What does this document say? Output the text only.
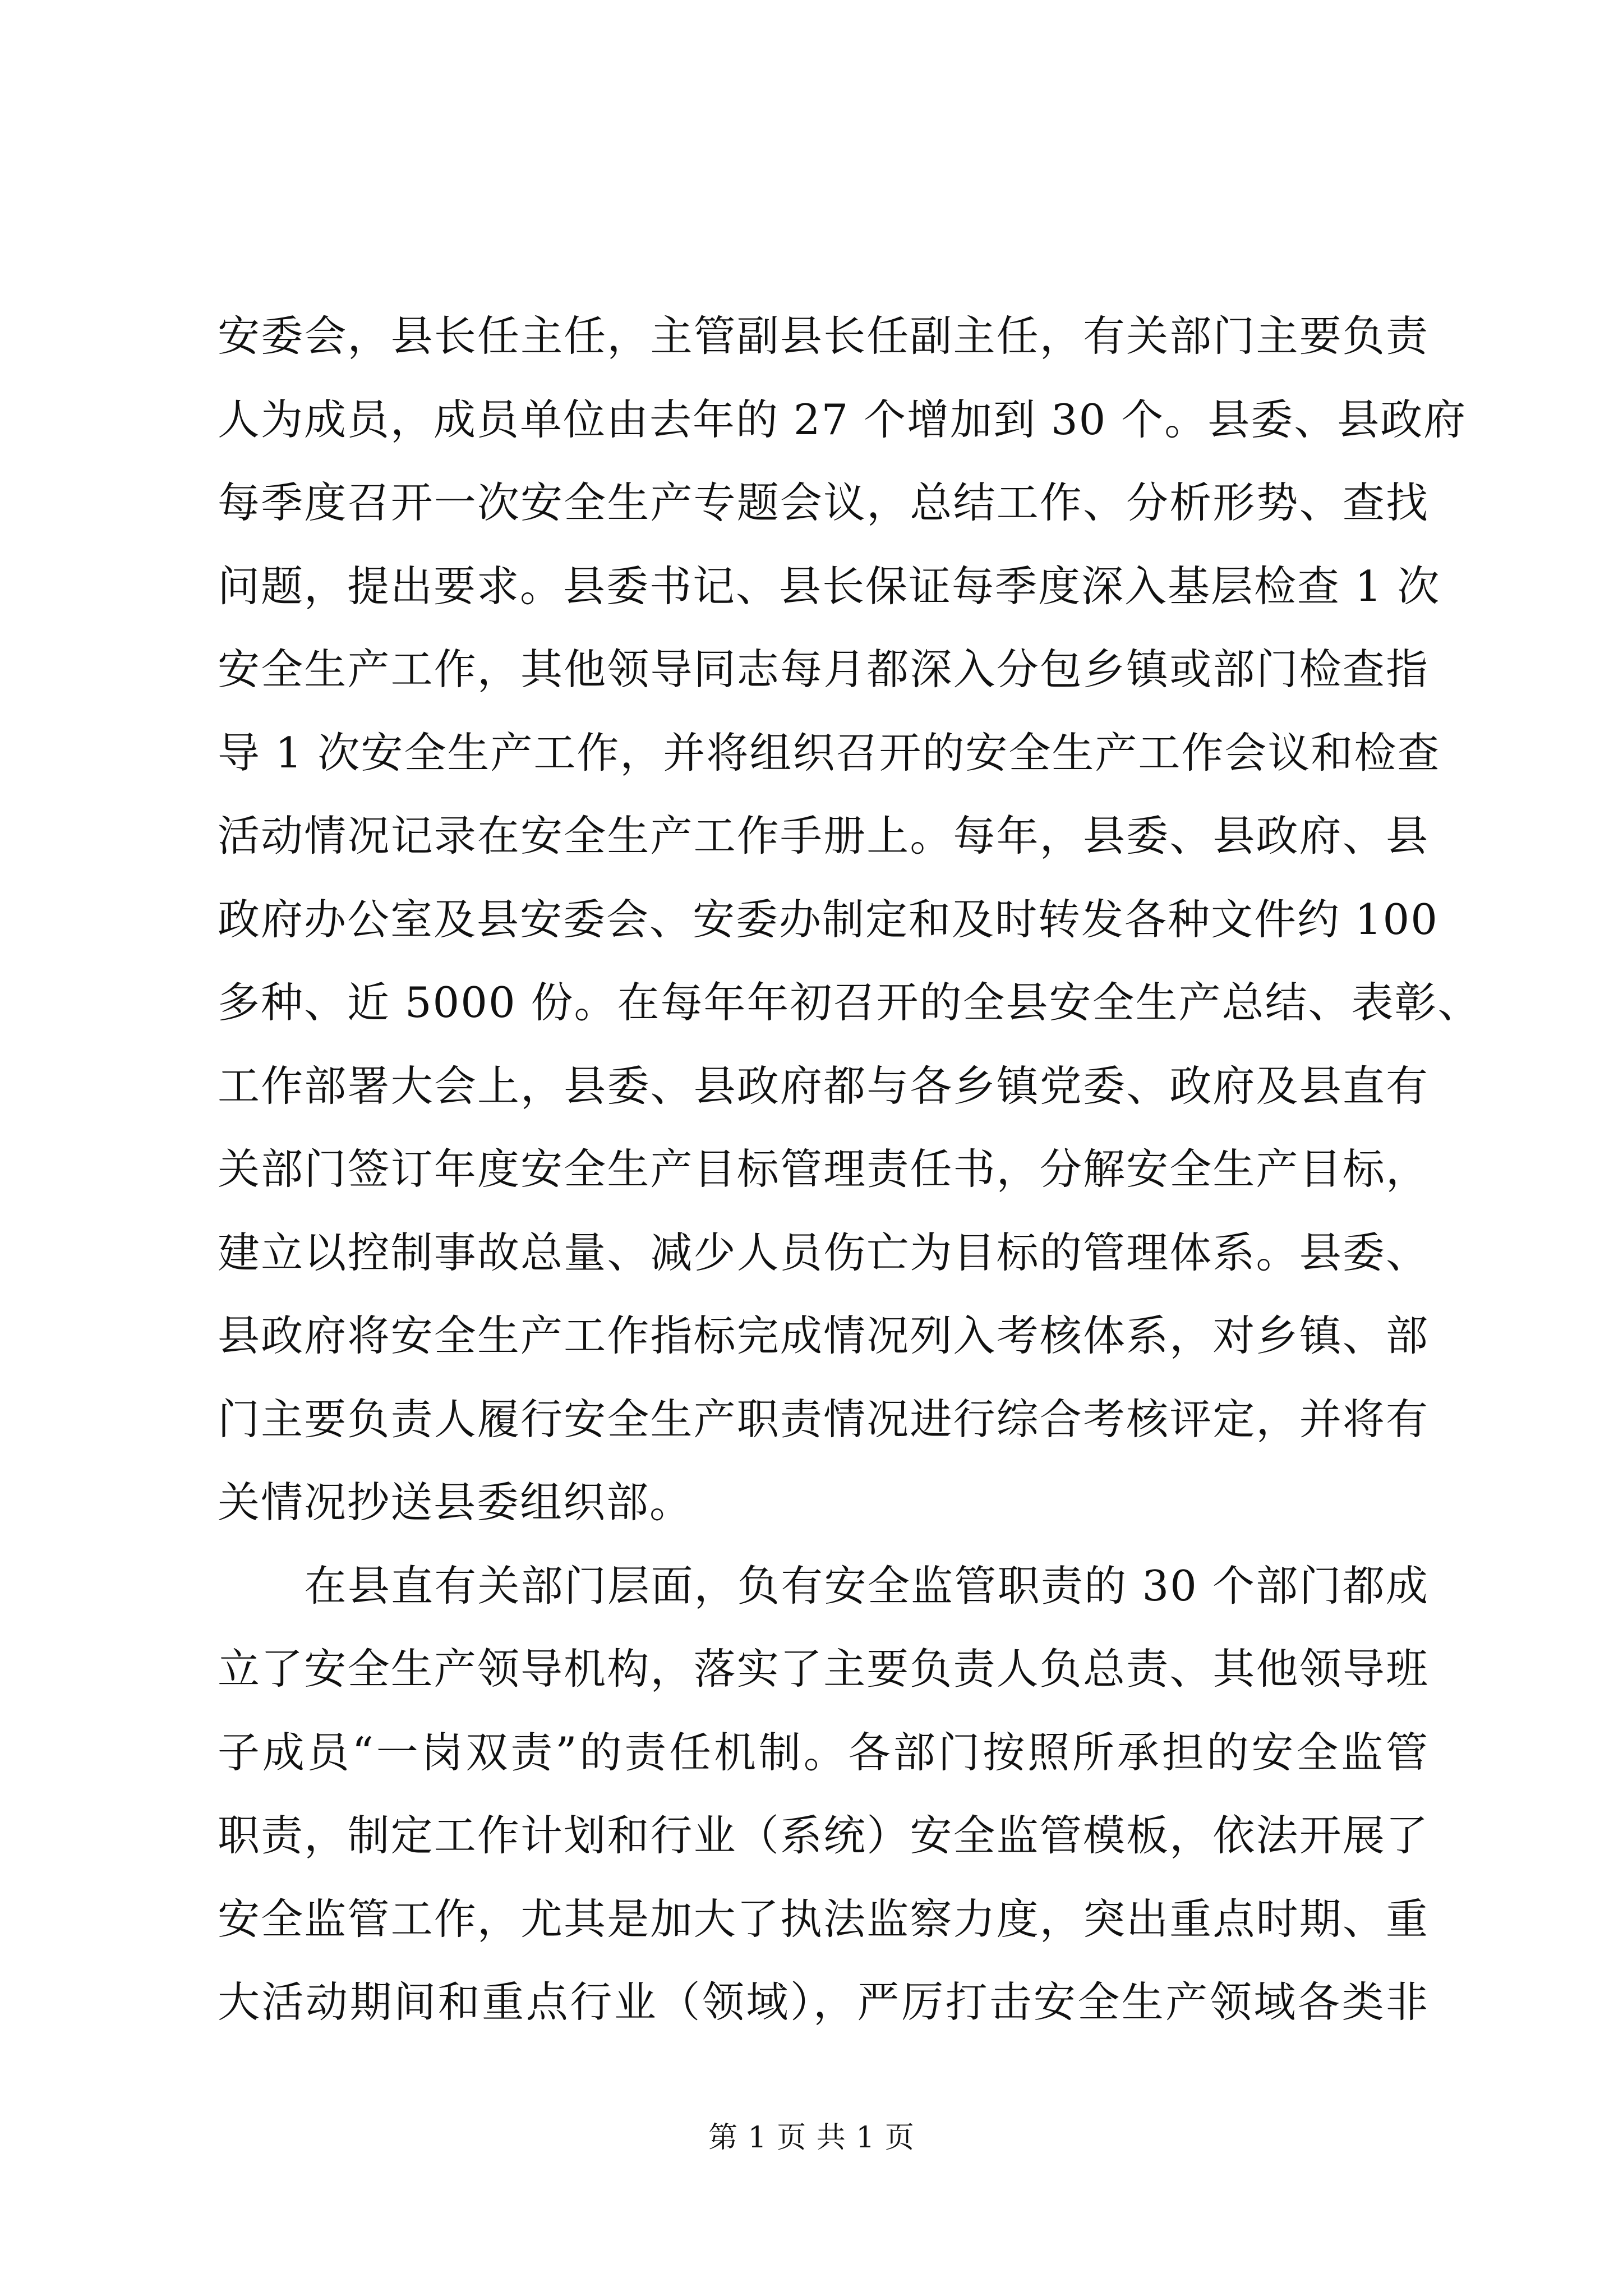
安委会，县长任主任，主管副县长任副主任，有关部门主要负责
人为成员，成员单位由去年的 27 个增加到 30 个。县委、县政府
每季度召开一次安全生产专题会议，总结工作、分析形势、查找
问题，提出要求。县委书记、县长保证每季度深入基层检查 1 次
安全生产工作，其他领导同志每月都深入分包乡镇或部门检查指
导 1 次安全生产工作，并将组织召开的安全生产工作会议和检查
活动情况记录在安全生产工作手册上。每年，县委、县政府、县
政府办公室及县安委会、安委办制定和及时转发各种文件约 100
多种、近 5000 份。在每年年初召开的全县安全生产总结、表彰、
工作部署大会上，县委、县政府都与各乡镇党委、政府及县直有
关部门签订年度安全生产目标管理责任书，分解安全生产目标，
建立以控制事故总量、减少人员伤亡为目标的管理体系。县委、
县政府将安全生产工作指标完成情况列入考核体系，对乡镇、部
门主要负责人履行安全生产职责情况进行综合考核评定，并将有
关情况抄送县委组织部。
　　在县直有关部门层面，负有安全监管职责的 30 个部门都成
立了安全生产领导机构，落实了主要负责人负总责、其他领导班
子成员“一岗双责”的责任机制。各部门按照所承担的安全监管
职责，制定工作计划和行业（系统）安全监管模板，依法开展了
安全监管工作，尤其是加大了执法监察力度，突出重点时期、重
大活动期间和重点行业（领域），严厉打击安全生产领域各类非
第 1 页 共 1 页
